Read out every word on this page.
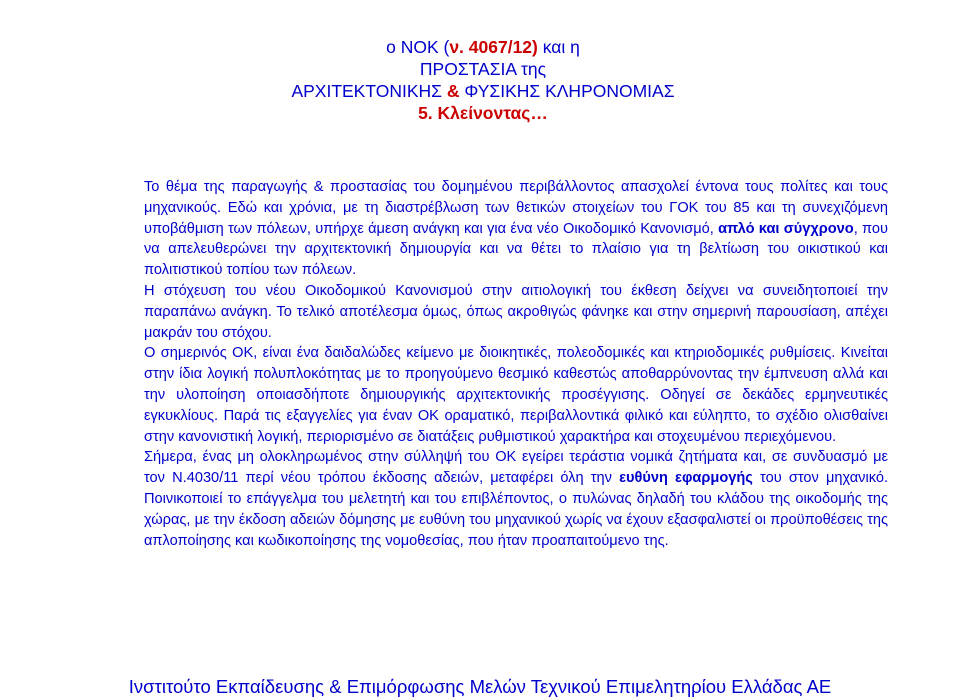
ο ΝΟΚ (ν. 4067/12) και η
ΠΡΟΣΤΑΣΙΑ της
ΑΡΧΙΤΕΚΤΟΝΙΚΗΣ & ΦΥΣΙΚΗΣ ΚΛΗΡΟΝΟΜΙΑΣ
5. Κλείνοντας…

Το θέμα της παραγωγής & προστασίας του δομημένου περιβάλλοντος απασχολεί έντονα τους πολίτες και τους μηχανικούς. Εδώ και χρόνια, με τη διαστρέβλωση των θετικών στοιχείων του ΓΟΚ του 85 και τη συνεχιζόμενη υποβάθμιση των πόλεων, υπήρχε άμεση ανάγκη και για ένα νέο Οικοδομικό Κανονισμό, απλό και σύγχρονο, που να απελευθερώνει την αρχιτεκτονική δημιουργία και να θέτει το πλαίσιο για τη βελτίωση του οικιστικού και πολιτιστικού τοπίου των πόλεων.

Η στόχευση του νέου Οικοδομικού Κανονισμού στην αιτιολογική του έκθεση δείχνει να συνειδητοποιεί την παραπάνω ανάγκη. Το τελικό αποτέλεσμα όμως, όπως ακροθιγώς φάνηκε και στην σημερινή παρουσίαση, απέχει μακράν του στόχου.

Ο σημερινός ΟΚ, είναι ένα δαιδαλώδες κείμενο με διοικητικές, πολεοδομικές και κτηριοδομικές ρυθμίσεις. Κινείται στην ίδια λογική πολυπλοκότητας με το προηγούμενο θεσμικό καθεστώς αποθαρρύνοντας την έμπνευση αλλά και την υλοποίηση οποιασδήποτε δημιουργικής αρχιτεκτονικής προσέγγισης. Οδηγεί σε δεκάδες ερμηνευτικές εγκυκλίους. Παρά τις εξαγγελίες για έναν ΟΚ οραματικό, περιβαλλοντικά φιλικό και εύληπτο, το σχέδιο ολισθαίνει στην κανονιστική λογική, περιορισμένο σε διατάξεις ρυθμιστικού χαρακτήρα και στοχευμένου περιεχόμενου.

Σήμερα, ένας μη ολοκληρωμένος στην σύλληψή του ΟΚ εγείρει τεράστια νομικά ζητήματα και, σε συνδυασμό με τον Ν.4030/11 περί νέου τρόπου έκδοσης αδειών, μεταφέρει όλη την ευθύνη εφαρμογής του στον μηχανικό. Ποινικοποιεί το επάγγελμα του μελετητή και του επιβλέποντος, ο πυλώνας δηλαδή του κλάδου της οικοδομής της χώρας, με την έκδοση αδειών δόμησης με ευθύνη του μηχανικού χωρίς να έχουν εξασφαλιστεί οι προϋποθέσεις της απλοποίησης και κωδικοποίησης της νομοθεσίας, που ήταν προαπαιτούμενο της.

Ινστιτούτο Εκπαίδευσης & Επιμόρφωσης Μελών Τεχνικού Επιμελητηρίου Ελλάδας ΑΕ
